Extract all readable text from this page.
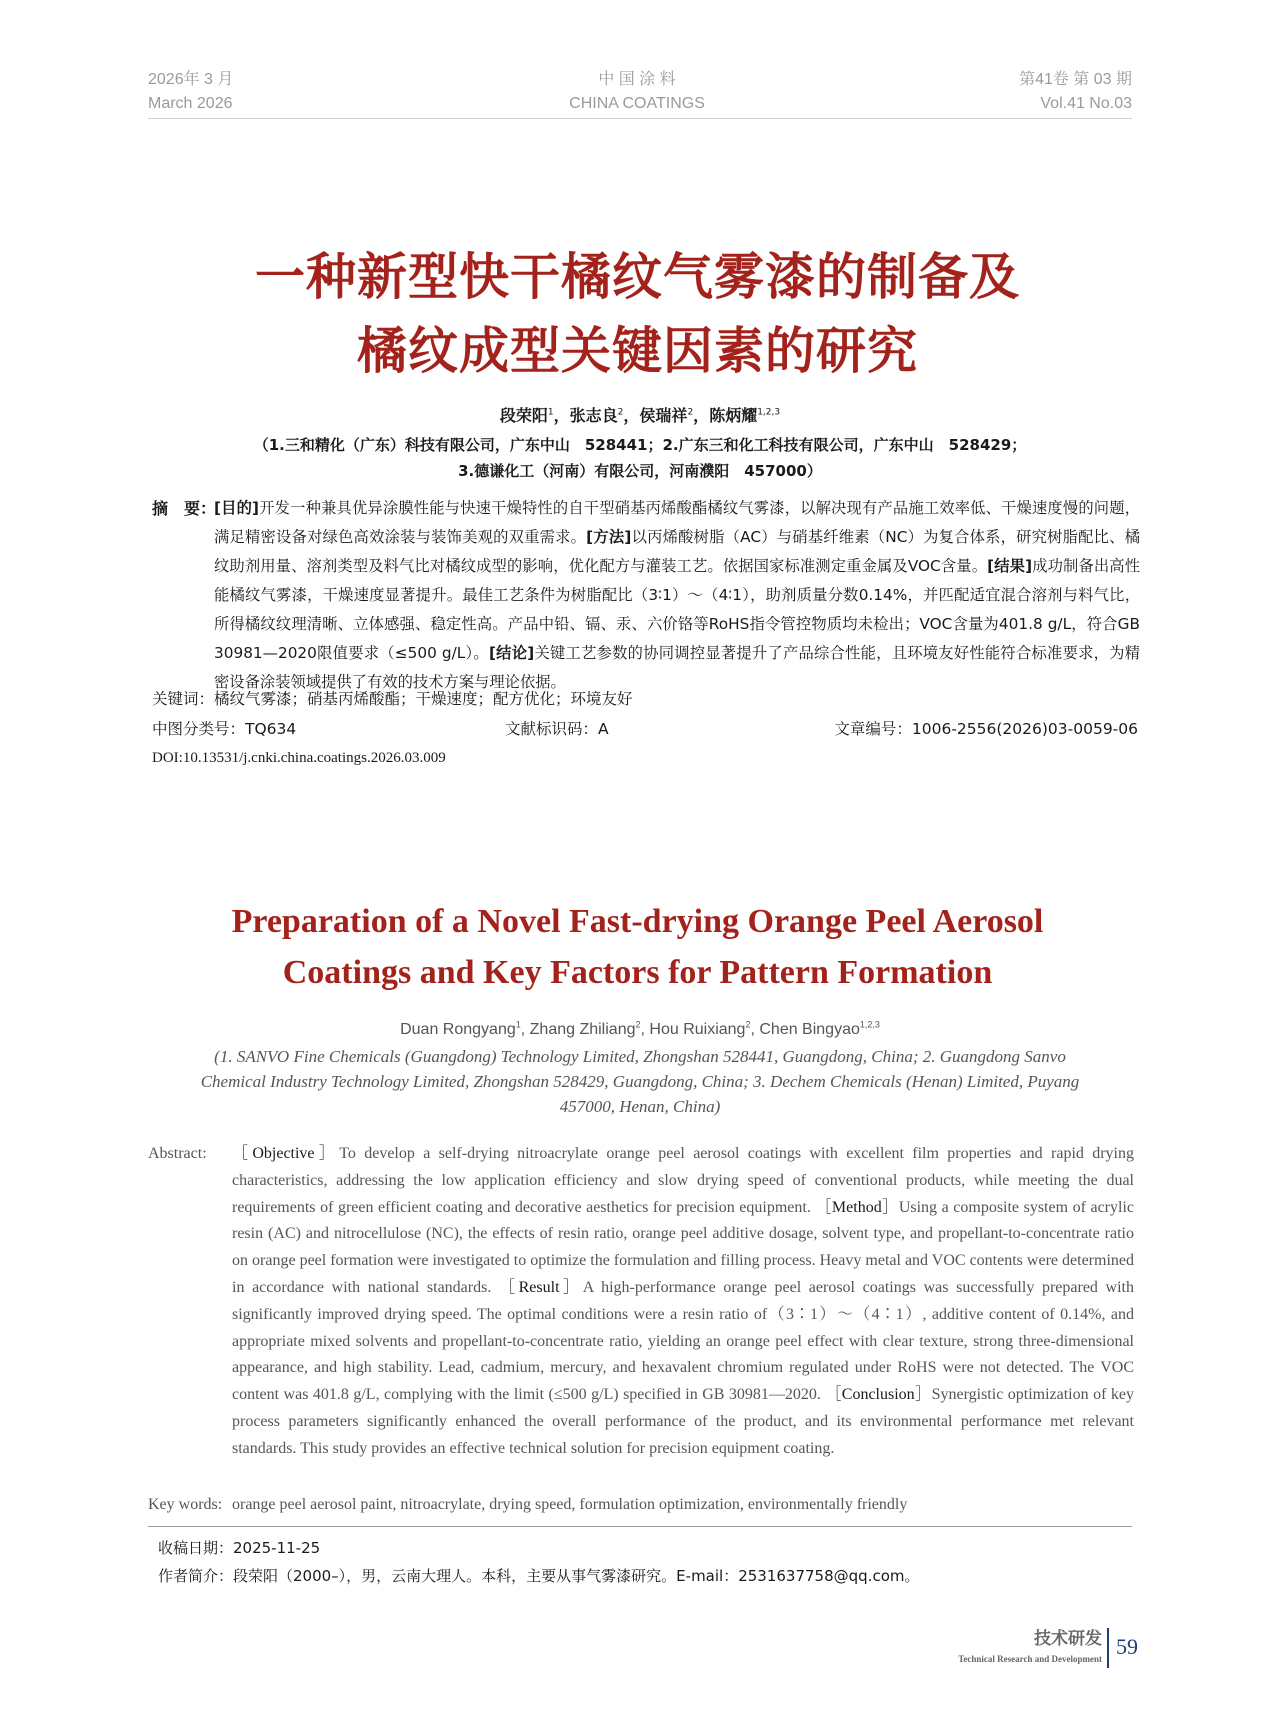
2026年 3 月
March 2026
中 国 涂 料
CHINA COATINGS
第41卷 第 03 期
Vol.41 No.03
一种新型快干橘纹气雾漆的制备及
橘纹成型关键因素的研究
段荣阳$^1$，张志良$^2$，侯瑞祥$^2$，陈炳耀$^{1,2,3}$
（1.三和精化（广东）科技有限公司，广东中山　528441；2.广东三和化工科技有限公司，广东中山　528429；
3.德谦化工（河南）有限公司，河南濮阳　457000）
摘　要：
[目的]开发一种兼具优异涂膜性能与快速干燥特性的自干型硝基丙烯酸酯橘纹气雾漆，以解决现有产品施工效率低、干燥速度慢的问题，满足精密设备对绿色高效涂装与装饰美观的双重需求。[方法]以丙烯酸树脂（AC）与硝基纤维素（NC）为复合体系，研究树脂配比、橘纹助剂用量、溶剂类型及料气比对橘纹成型的影响，优化配方与灌装工艺。依据国家标准测定重金属及VOC含量。[结果]成功制备出高性能橘纹气雾漆，干燥速度显著提升。最佳工艺条件为树脂配比（3∶1）～（4∶1），助剂质量分数0.14%，并匹配适宜混合溶剂与料气比，所得橘纹纹理清晰、立体感强、稳定性高。产品中铅、镉、汞、六价铬等RoHS指令管控物质均未检出；VOC含量为401.8 g/L，符合GB 30981—2020限值要求（≤500 g/L）。[结论]关键工艺参数的协同调控显著提升了产品综合性能，且环境友好性能符合标准要求，为精密设备涂装领域提供了有效的技术方案与理论依据。
关键词：橘纹气雾漆；硝基丙烯酸酯；干燥速度；配方优化；环境友好
中图分类号：TQ634	文献标识码：A	文章编号：1006-2556(2026)03-0059-06
DOI:10.13531/j.cnki.china.coatings.2026.03.009
Preparation of a Novel Fast-drying Orange Peel Aerosol
Coatings and Key Factors for Pattern Formation
Duan Rongyang$^1$, Zhang Zhiliang$^2$, Hou Ruixiang$^2$, Chen Bingyao$^{1,2,3}$
(1. SANVO Fine Chemicals (Guangdong) Technology Limited, Zhongshan 528441, Guangdong, China; 2. Guangdong Sanvo
Chemical Industry Technology Limited, Zhongshan 528429, Guangdong, China; 3. Dechem Chemicals (Henan) Limited, Puyang
457000, Henan, China)
Abstract: ［Objective］To develop a self-drying nitroacrylate orange peel aerosol coatings with excellent film properties and rapid drying characteristics, addressing the low application efficiency and slow drying speed of conventional products, while meeting the dual requirements of green efficient coating and decorative aesthetics for precision equipment. ［Method］Using a composite system of acrylic resin (AC) and nitrocellulose (NC), the effects of resin ratio, orange peel additive dosage, solvent type, and propellant-to-concentrate ratio on orange peel formation were investigated to optimize the formulation and filling process. Heavy metal and VOC contents were determined in accordance with national standards. ［Result］A high-performance orange peel aerosol coatings was successfully prepared with significantly improved drying speed. The optimal conditions were a resin ratio of（3∶1）～（4∶1）, additive content of 0.14%, and appropriate mixed solvents and propellant-to-concentrate ratio, yielding an orange peel effect with clear texture, strong three-dimensional appearance, and high stability. Lead, cadmium, mercury, and hexavalent chromium regulated under RoHS were not detected. The VOC content was 401.8 g/L, complying with the limit (≤500 g/L) specified in GB 30981—2020. ［Conclusion］Synergistic optimization of key process parameters significantly enhanced the overall performance of the product, and its environmental performance met relevant standards. This study provides an effective technical solution for precision equipment coating.
Key words: orange peel aerosol paint, nitroacrylate, drying speed, formulation optimization, environmentally friendly
收稿日期：2025-11-25
作者简介：段荣阳（2000–），男，云南大理人。本科，主要从事气雾漆研究。E-mail：2531637758@qq.com。
技术研发
Technical Research and Development 59
